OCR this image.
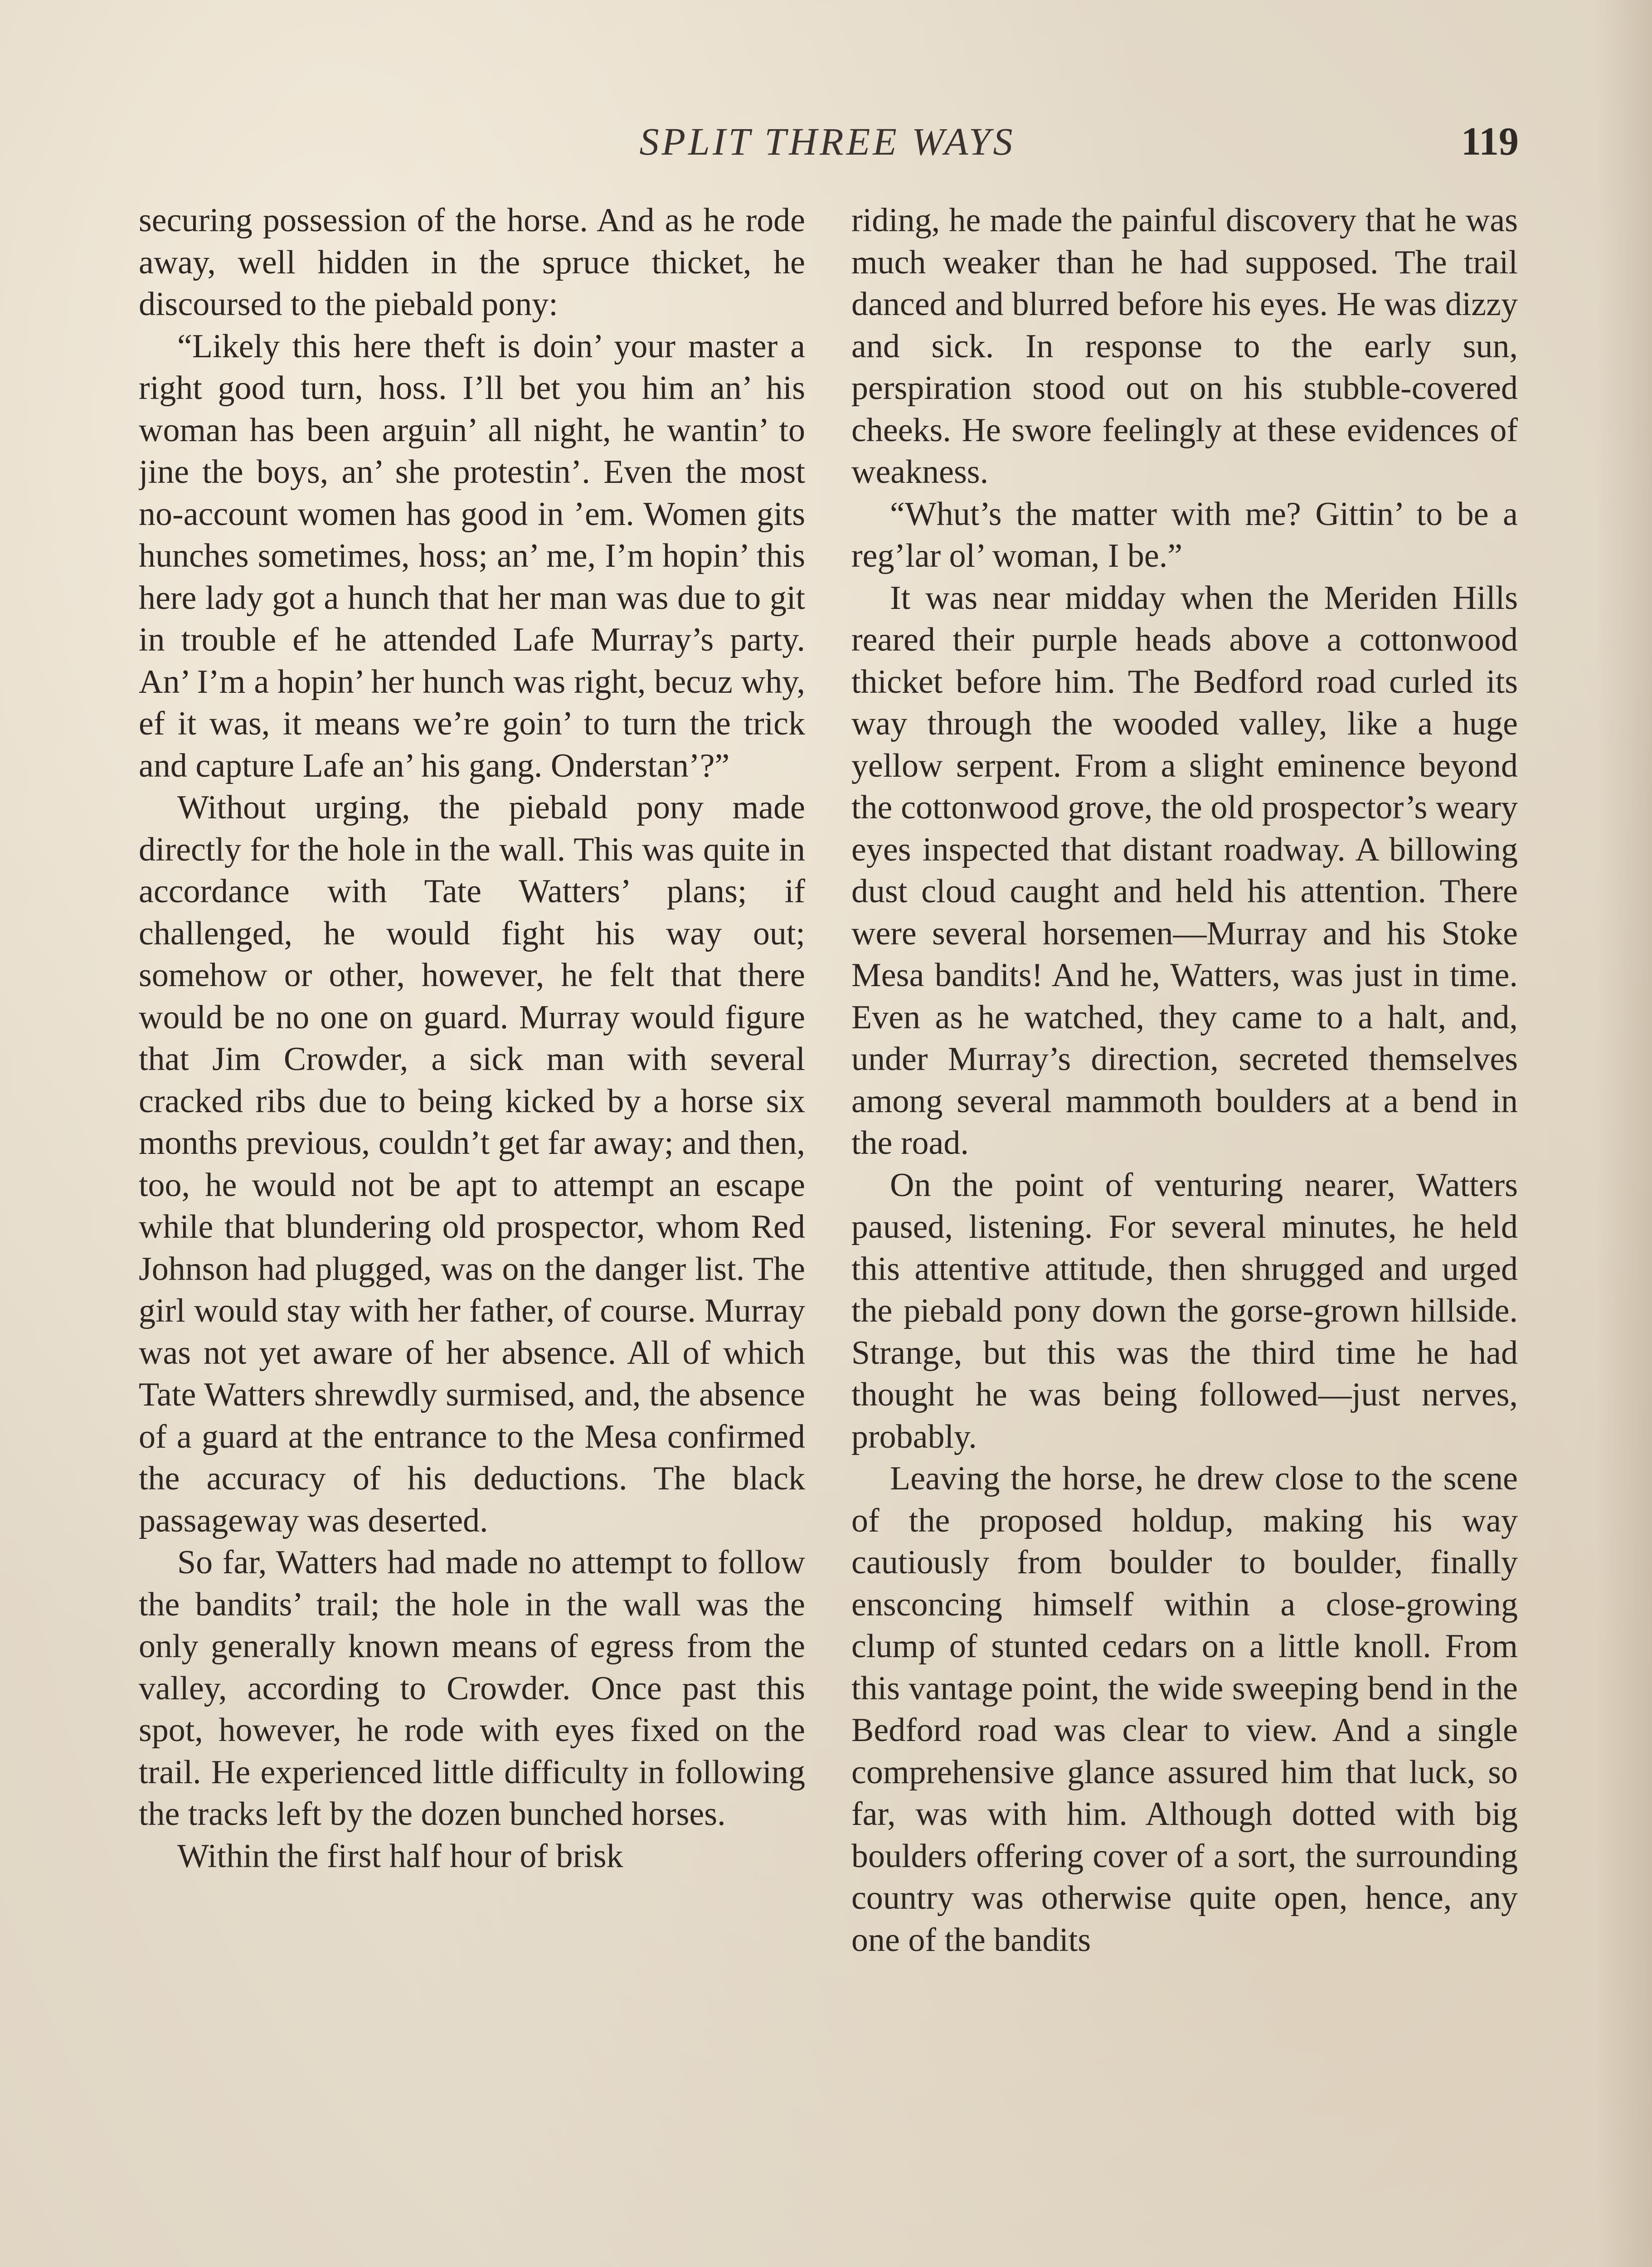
SPLIT THREE WAYS	119

securing possession of the horse. And as he rode away, well hidden in the spruce thicket, he discoursed to the piebald pony:

“Likely this here theft is doin’ your master a right good turn, hoss. I’ll bet you him an’ his woman has been arguin’ all night, he wantin’ to jine the boys, an’ she protestin’. Even the most no-account women has good in ’em. Women gits hunches sometimes, hoss; an’ me, I’m hopin’ this here lady got a hunch that her man was due to git in trouble ef he attended Lafe Murray’s party. An’ I’m a hopin’ her hunch was right, becuz why, ef it was, it means we’re goin’ to turn the trick and capture Lafe an’ his gang. Onderstan’?”

Without urging, the piebald pony made directly for the hole in the wall. This was quite in accordance with Tate Watters’ plans; if challenged, he would fight his way out; somehow or other, however, he felt that there would be no one on guard. Murray would figure that Jim Crowder, a sick man with several cracked ribs due to being kicked by a horse six months previous, couldn’t get far away; and then, too, he would not be apt to attempt an escape while that blundering old prospector, whom Red Johnson had plugged, was on the danger list. The girl would stay with her father, of course. Murray was not yet aware of her absence. All of which Tate Watters shrewdly surmised, and, the absence of a guard at the entrance to the Mesa confirmed the accuracy of his deductions. The black passageway was deserted.

So far, Watters had made no attempt to follow the bandits’ trail; the hole in the wall was the only generally known means of egress from the valley, according to Crowder. Once past this spot, however, he rode with eyes fixed on the trail. He experienced little difficulty in following the tracks left by the dozen bunched horses.

Within the first half hour of brisk

riding, he made the painful discovery that he was much weaker than he had supposed. The trail danced and blurred before his eyes. He was dizzy and sick. In response to the early sun, perspiration stood out on his stubble-covered cheeks. He swore feelingly at these evidences of weakness.

“Whut’s the matter with me? Gittin’ to be a reg’lar ol’ woman, I be.”

It was near midday when the Meriden Hills reared their purple heads above a cottonwood thicket before him. The Bedford road curled its way through the wooded valley, like a huge yellow serpent. From a slight eminence beyond the cottonwood grove, the old prospector’s weary eyes inspected that distant roadway. A billowing dust cloud caught and held his attention. There were several horsemen—Murray and his Stoke Mesa bandits! And he, Watters, was just in time. Even as he watched, they came to a halt, and, under Murray’s direction, secreted themselves among several mammoth boulders at a bend in the road.

On the point of venturing nearer, Watters paused, listening. For several minutes, he held this attentive attitude, then shrugged and urged the piebald pony down the gorse-grown hillside. Strange, but this was the third time he had thought he was being followed—just nerves, probably.

Leaving the horse, he drew close to the scene of the proposed holdup, making his way cautiously from boulder to boulder, finally ensconcing himself within a close-growing clump of stunted cedars on a little knoll. From this vantage point, the wide sweeping bend in the Bedford road was clear to view. And a single comprehensive glance assured him that luck, so far, was with him. Although dotted with big boulders offering cover of a sort, the surrounding country was otherwise quite open, hence, any one of the bandits
